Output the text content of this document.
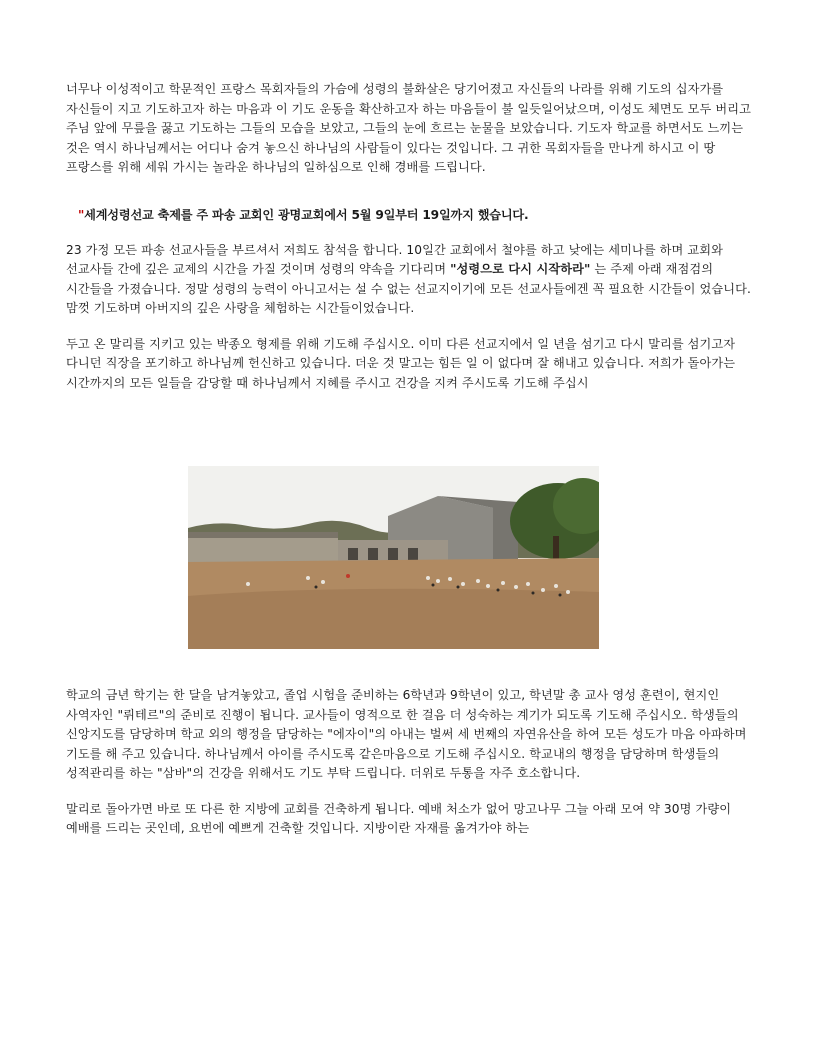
너무나 이성적이고 학문적인 프랑스 목회자들의 가슴에 성령의 불화살은 당기어졌고 자신들의 나라를 위해 기도의 십자가를 자신들이 지고 기도하고자 하는 마음과 이 기도 운동을 확산하고자 하는 마음들이 불 일듯일어났으며, 이성도 체면도 모두 버리고 주님 앞에 무릎을 꿇고 기도하는 그들의 모습을 보았고, 그들의 눈에 흐르는 눈물을 보았습니다. 기도자 학교를 하면서도 느끼는 것은 역시 하나님께서는 어디나 숨겨 놓으신 하나님의 사람들이 있다는 것입니다. 그 귀한 목회자들을 만나게 하시고 이 땅 프랑스를 위해 세워 가시는 놀라운 하나님의 일하심으로 인해 경배를 드립니다.

"세계성령선교 축제를 주 파송 교회인 광명교회에서 5월 9일부터 19일까지 했습니다.

23 가정 모든 파송 선교사들을 부르셔서 저희도 참석을 합니다. 10일간 교회에서 철야를 하고 낮에는 세미나를 하며 교회와 선교사들 간에 깊은 교제의 시간을 가질 것이며 성령의 약속을 기다리며 "성령으로 다시 시작하라" 는 주제 아래 재점검의 시간들을 가졌습니다. 정말 성령의 능력이 아니고서는 설 수 없는 선교지이기에 모든 선교사들에겐 꼭 필요한 시간들이 었습니다. 맘껏 기도하며 아버지의 깊은 사랑을 체험하는 시간들이었습니다.

두고 온 말리를 지키고 있는 박종오 형제를 위해 기도해 주십시오. 이미 다른 선교지에서 일 년을 섬기고 다시 말리를 섬기고자 다니던 직장을 포기하고 하나님께 헌신하고 있습니다. 더운 것 말고는 힘든 일 이 없다며 잘 해내고 있습니다. 저희가 돌아가는 시간까지의 모든 일들을 감당할 때 하나님께서 지혜를 주시고 건강을 지켜 주시도록 기도해 주십시

학교의 금년 학기는 한 달을 남겨놓았고, 졸업 시험을 준비하는 6학년과 9학년이 있고, 학년말 총 교사 영성 훈련이, 현지인 사역자인 "뤼테르"의 준비로 진행이 됩니다. 교사들이 영적으로 한 걸음 더 성숙하는 계기가 되도록 기도해 주십시오. 학생들의 신앙지도를 담당하며 학교 외의 행정을 담당하는 "에자이"의 아내는 벌써 세 번째의 자연유산을 하여 모든 성도가 마음 아파하며 기도를 해 주고 있습니다. 하나님께서 아이를 주시도록 같은마음으로 기도해 주십시오. 학교내의 행정을 담당하며 학생들의 성적관리를 하는 "삼바"의 건강을 위해서도 기도 부탁 드립니다. 더위로 두통을 자주 호소합니다.

말리로 돌아가면 바로 또 다른 한 지방에 교회를 건축하게 됩니다. 예배 처소가 없어 망고나무 그늘 아래 모여 약 30명 가량이 예배를 드리는 곳인데, 요번에 예쁘게 건축할 것입니다. 지방이란 자재를 옮겨가야 하는
